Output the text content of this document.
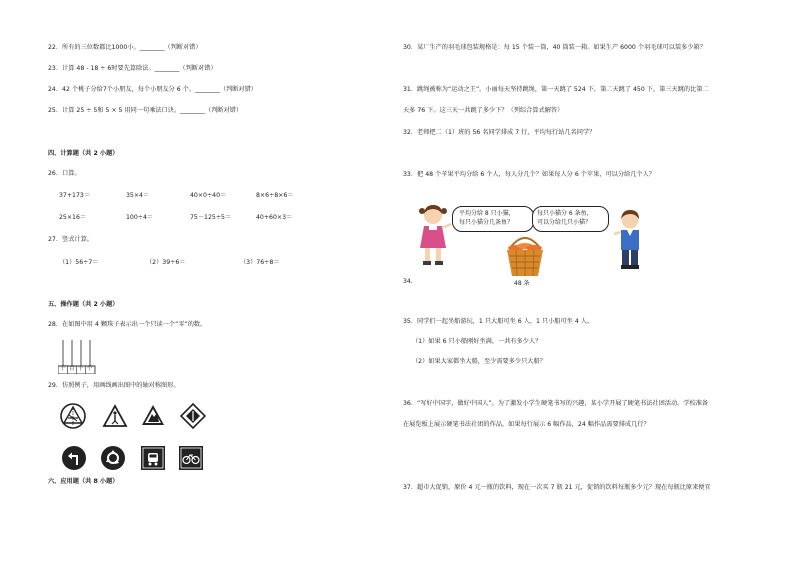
22．所有的三位数都比1000小。________（判断对错）
23．计算 48 - 18 ÷ 6时要先算除法。________（判断对错）
24．42 个桃子分给7个小朋友，每个小朋友分 6 个。________（判断对错）
25．计算 25 ÷ 5和 5 × 5 用同一句乘法口诀。________（判断对错）
四、计算题（共 2 小题）
26．口算。
37+173＝	35×4＝	40×0÷40＝	8×6÷8×6＝
25×16＝	100÷4＝	75－125÷5＝	40+60×3＝
27．竖式计算。
（1）56÷7＝	（2）39÷6＝	（3）76÷8＝
五、操作题（共 2 小题）
28．在如图中用 4 颗珠子表示出一个只读一个“零”的数。
千 百 十 个
29．仿照例子，用画线画出图中的轴对称图形。
六、应用题（共 8 小题）
30．某厂生产的羽毛球包装规格是：每 15 个装一筒，40 筒装一箱。如果生产 6000 个羽毛球可以装多少箱？
31．跳绳被称为“运动之王”。小丽每天坚持跳绳，第一天跳了 524 下，第二天跳了 450 下，第三天跳的比第二
天多 76 下。这三天一共跳了多少下？（列综合算式解答）
32．老师把二（1）班的 56 名同学排成 7 行，平均每行站几名同学？
33．把 48 个苹果平均分给 6 个人，每人分几个？如果每人分 6 个苹果，可以分给几个人？
平均分给 8 只小猫，
每只小猫分几条鱼？
每只小猫分 6 条鱼，
可以分给几只小猫？
48 条
34．
35．同学们一起坐船游玩，1 只大船可坐 6 人，1 只小船可坐 4 人。
（1）如果 6 只小船刚好坐满，一共有多少人？
（2）如果大家都坐大船，至少需要多少只大船？
36．“写好中国字，做好中国人”。为了激发小学生硬笔书写的兴趣，某小学开展了硬笔书法社团活动。学校准备
在展览板上展示硬笔书法社团的作品，如果每行展示 6 幅作品，24 幅作品需要排成几行？
37．超市大促销，原价 4 元一瓶的饮料，现在一次买 7 瓶 21 元，促销的饮料每瓶多少元？现在每瓶比原来便宜
